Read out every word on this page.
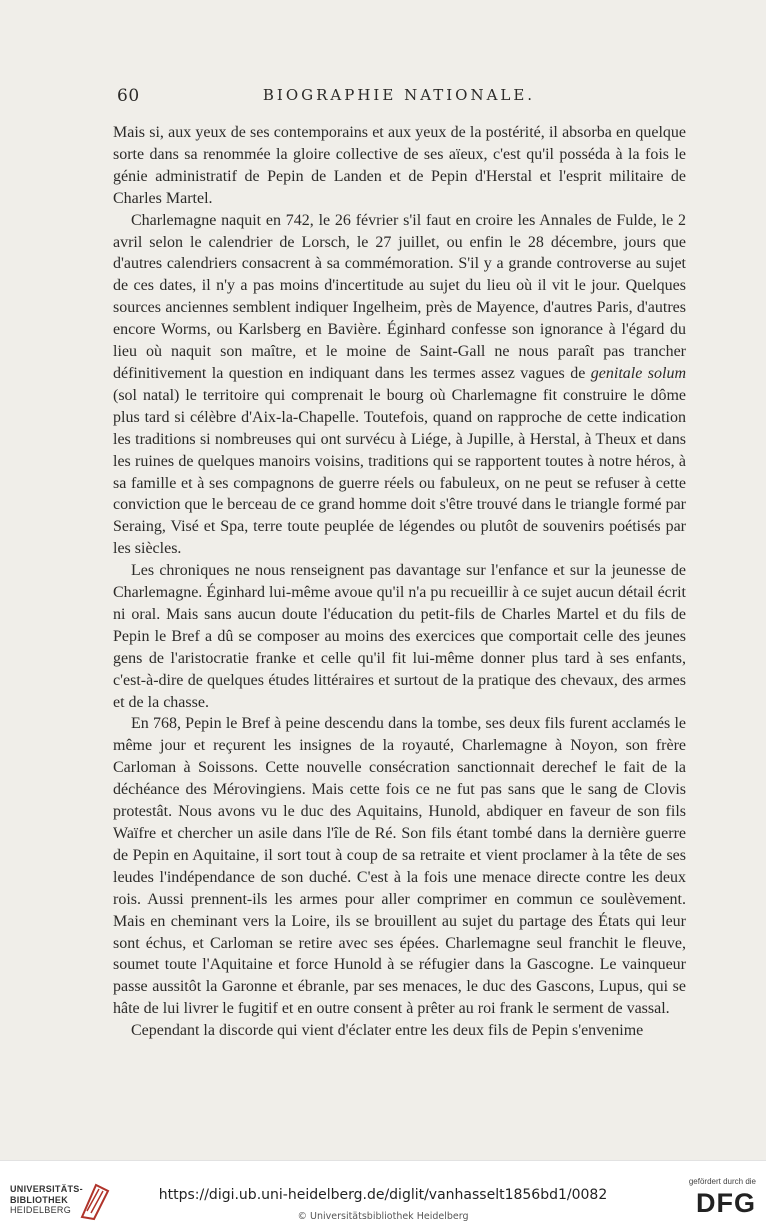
60	BIOGRAPHIE NATIONALE.

Mais si, aux yeux de ses contemporains et aux yeux de la postérité, il absorba en quelque sorte dans sa renommée la gloire collective de ses aïeux, c'est qu'il posséda à la fois le génie administratif de Pepin de Landen et de Pepin d'Herstal et l'esprit militaire de Charles Martel.

Charlemagne naquit en 742, le 26 février s'il faut en croire les Annales de Fulde, le 2 avril selon le calendrier de Lorsch, le 27 juillet, ou enfin le 28 décembre, jours que d'autres calendriers consacrent à sa commémoration. S'il y a grande controverse au sujet de ces dates, il n'y a pas moins d'incertitude au sujet du lieu où il vit le jour. Quelques sources anciennes semblent indiquer Ingelheim, près de Mayence, d'autres Paris, d'autres encore Worms, ou Karlsberg en Bavière. Éginhard confesse son ignorance à l'égard du lieu où naquit son maître, et le moine de Saint-Gall ne nous paraît pas trancher définitivement la question en indiquant dans les termes assez vagues de genitale solum (sol natal) le territoire qui comprenait le bourg où Charlemagne fit construire le dôme plus tard si célèbre d'Aix-la-Chapelle. Toutefois, quand on rapproche de cette indication les traditions si nombreuses qui ont survécu à Liége, à Jupille, à Herstal, à Theux et dans les ruines de quelques manoirs voisins, traditions qui se rapportent toutes à notre héros, à sa famille et à ses compagnons de guerre réels ou fabuleux, on ne peut se refuser à cette conviction que le berceau de ce grand homme doit s'être trouvé dans le triangle formé par Seraing, Visé et Spa, terre toute peuplée de légendes ou plutôt de souvenirs poétisés par les siècles.

Les chroniques ne nous renseignent pas davantage sur l'enfance et sur la jeunesse de Charlemagne. Éginhard lui-même avoue qu'il n'a pu recueillir à ce sujet aucun détail écrit ni oral. Mais sans aucun doute l'éducation du petit-fils de Charles Martel et du fils de Pepin le Bref a dû se composer au moins des exercices que comportait celle des jeunes gens de l'aristocratie franke et celle qu'il fit lui-même donner plus tard à ses enfants, c'est-à-dire de quelques études littéraires et surtout de la pratique des chevaux, des armes et de la chasse.

En 768, Pepin le Bref à peine descendu dans la tombe, ses deux fils furent acclamés le même jour et reçurent les insignes de la royauté, Charlemagne à Noyon, son frère Carloman à Soissons. Cette nouvelle consécration sanctionnait derechef le fait de la déchéance des Mérovingiens. Mais cette fois ce ne fut pas sans que le sang de Clovis protestât. Nous avons vu le duc des Aquitains, Hunold, abdiquer en faveur de son fils Waïfre et chercher un asile dans l'île de Ré. Son fils étant tombé dans la dernière guerre de Pepin en Aquitaine, il sort tout à coup de sa retraite et vient proclamer à la tête de ses leudes l'indépendance de son duché. C'est à la fois une menace directe contre les deux rois. Aussi prennent-ils les armes pour aller comprimer en commun ce soulèvement. Mais en cheminant vers la Loire, ils se brouillent au sujet du partage des États qui leur sont échus, et Carloman se retire avec ses épées. Charlemagne seul franchit le fleuve, soumet toute l'Aquitaine et force Hunold à se réfugier dans la Gascogne. Le vainqueur passe aussitôt la Garonne et ébranle, par ses menaces, le duc des Gascons, Lupus, qui se hâte de lui livrer le fugitif et en outre consent à prêter au roi frank le serment de vassal.

Cependant la discorde qui vient d'éclater entre les deux fils de Pepin s'envenime

UNIVERSITÄTS-
BIBLIOTHEK
HEIDELBERG
https://digi.ub.uni-heidelberg.de/diglit/vanhasselt1856bd1/0082
© Universitätsbibliothek Heidelberg
gefördert durch die
DFG
